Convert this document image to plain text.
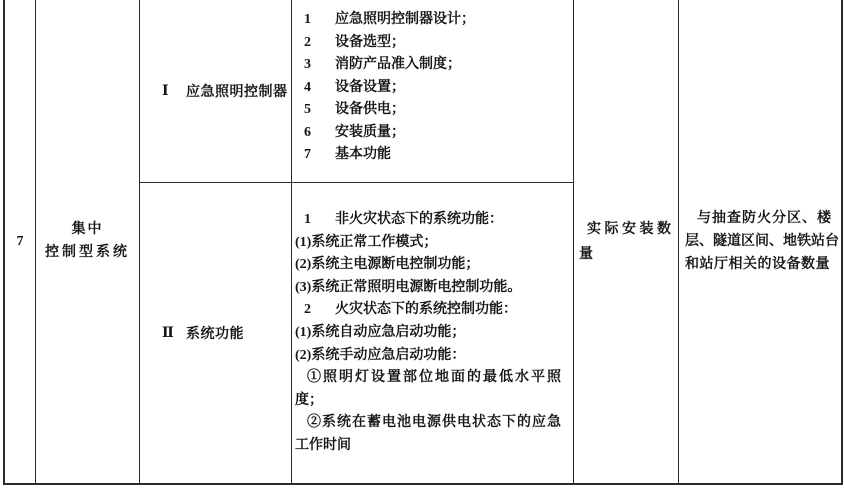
7
集中
控制型系统
Ⅰ	应急照明控制器
1 应急照明控制器设计；
2 设备选型；
3 消防产品准入制度；
4 设备设置；
5 设备供电；
6 安装质量；
7 基本功能
Ⅱ 系统功能
1 非火灾状态下的系统功能：
(1)系统正常工作模式；
(2)系统主电源断电控制功能；
(3)系统正常照明电源断电控制功能。
2 火灾状态下的系统控制功能：
(1)系统自动应急启动功能；
(2)系统手动应急启动功能：
①照明灯设置部位地面的最低水平照
度；
②系统在蓄电池电源供电状态下的应急
工作时间
实际安装数
量
与抽查防火分区、楼
层、隧道区间、地铁站台
和站厅相关的设备数量
